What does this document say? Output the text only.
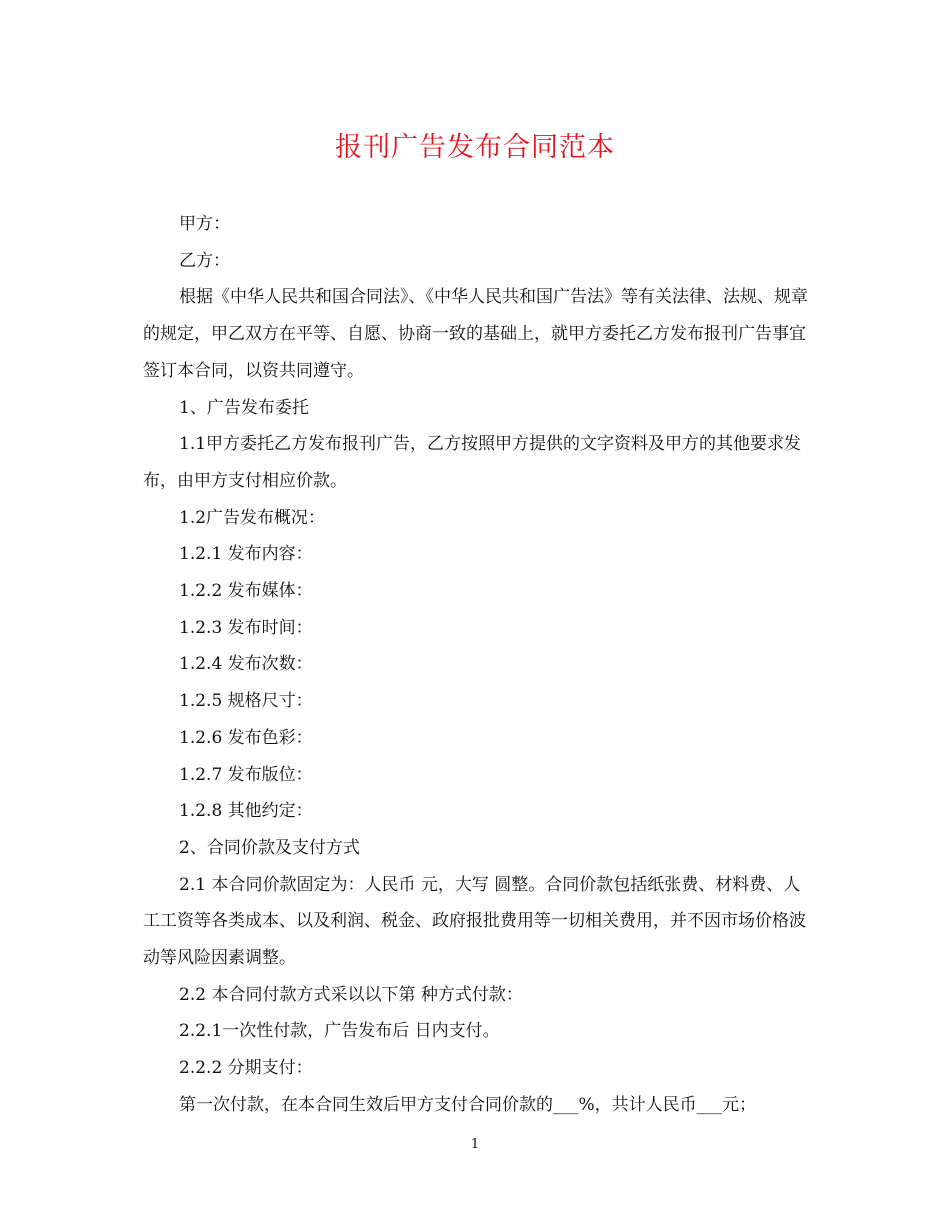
报刊广告发布合同范本

甲方：

乙方：

根据《中华人民共和国合同法》、《中华人民共和国广告法》等有关法律、法规、规章的规定，甲乙双方在平等、自愿、协商一致的基础上，就甲方委托乙方发布报刊广告事宜签订本合同，以资共同遵守。

1、广告发布委托

1.1甲方委托乙方发布报刊广告，乙方按照甲方提供的文字资料及甲方的其他要求发布，由甲方支付相应价款。

1.2广告发布概况：

1.2.1 发布内容：

1.2.2 发布媒体：

1.2.3 发布时间：

1.2.4 发布次数：

1.2.5 规格尺寸：

1.2.6 发布色彩：

1.2.7 发布版位：

1.2.8 其他约定：

2、合同价款及支付方式

2.1 本合同价款固定为：人民币 元，大写 圆整。合同价款包括纸张费、材料费、人工工资等各类成本、以及利润、税金、政府报批费用等一切相关费用，并不因市场价格波动等风险因素调整。

2.2 本合同付款方式采以以下第 种方式付款：

2.2.1一次性付款，广告发布后 日内支付。

2.2.2 分期支付：

第一次付款，在本合同生效后甲方支付合同价款的___%，共计人民币___元；

1
